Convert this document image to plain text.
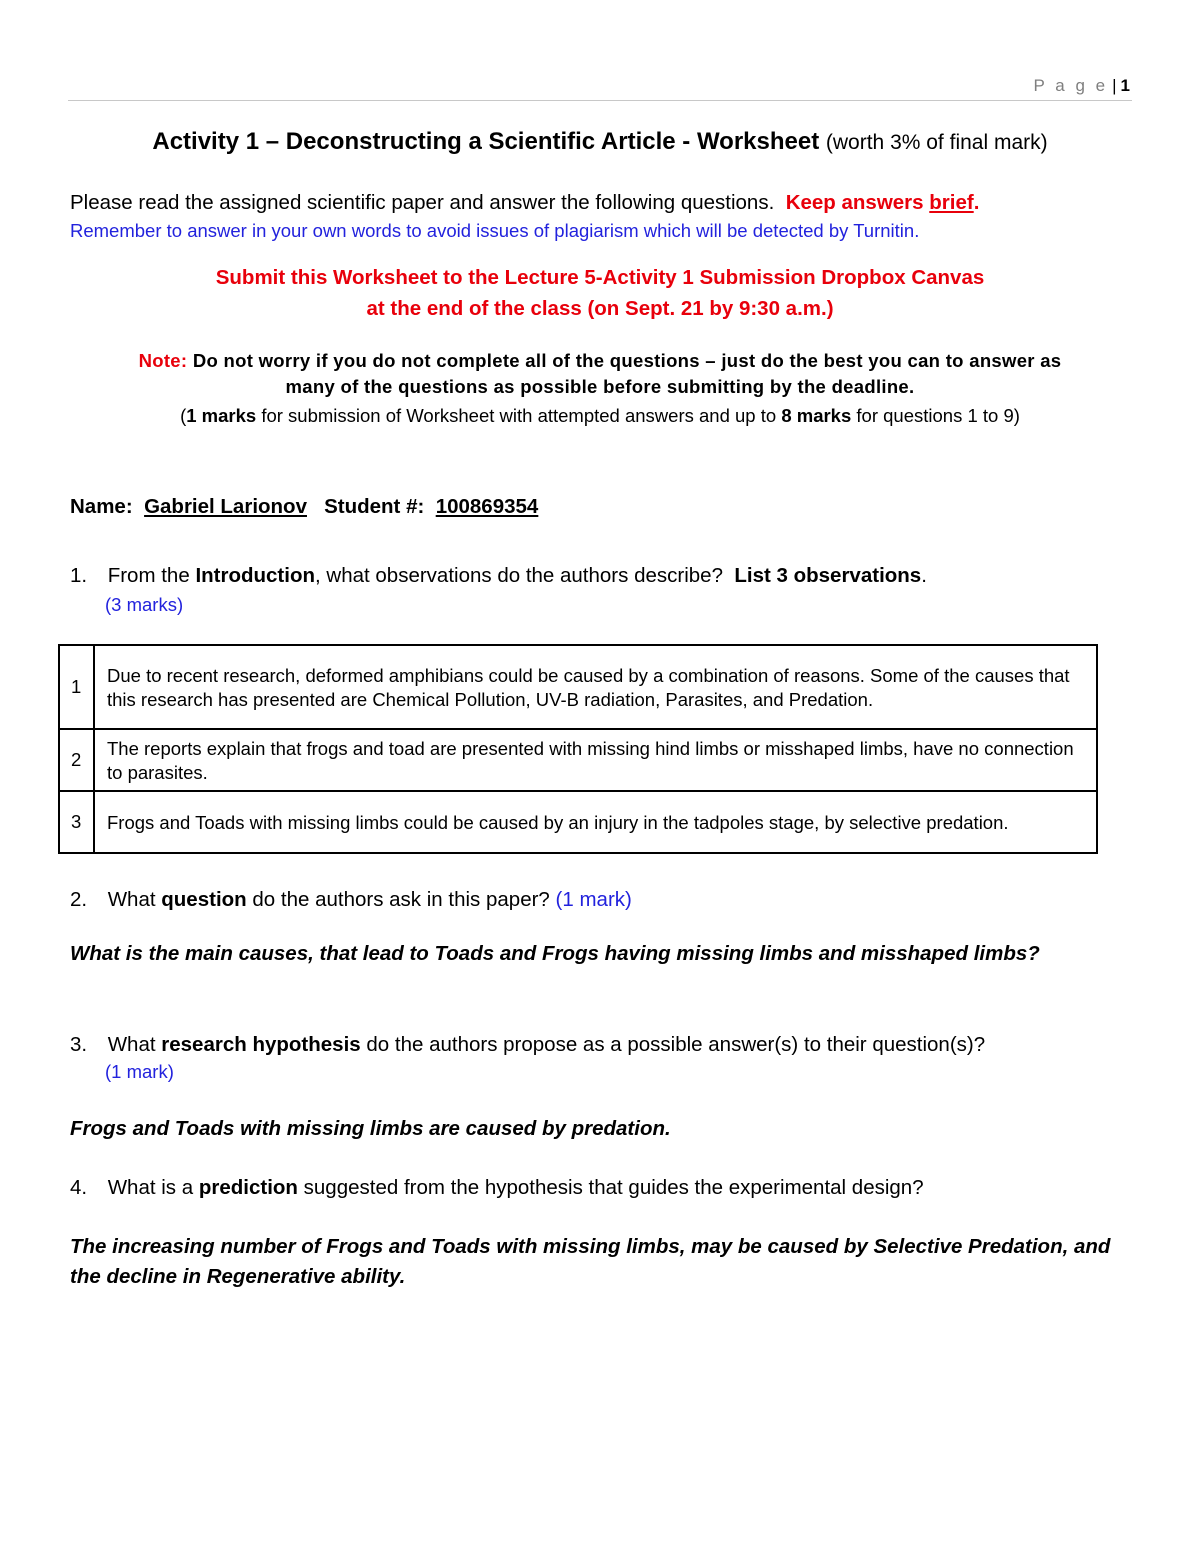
P a g e | 1
Activity 1 – Deconstructing a Scientific Article - Worksheet (worth 3% of final mark)
Please read the assigned scientific paper and answer the following questions. Keep answers brief.
Remember to answer in your own words to avoid issues of plagiarism which will be detected by Turnitin.
Submit this Worksheet to the Lecture 5-Activity 1 Submission Dropbox Canvas
at the end of the class (on Sept. 21 by 9:30 a.m.)
Note: Do not worry if you do not complete all of the questions – just do the best you can to answer as
many of the questions as possible before submitting by the deadline.
(1 marks for submission of Worksheet with attempted answers and up to 8 marks for questions 1 to 9)
Name: Gabriel Larionov Student #: 100869354
1. From the Introduction, what observations do the authors describe? List 3 observations.
(3 marks)
1	Due to recent research, deformed amphibians could be caused by a combination of reasons. Some of the causes that this research has presented are Chemical Pollution, UV-B radiation, Parasites, and Predation.
2	The reports explain that frogs and toad are presented with missing hind limbs or misshaped limbs, have no connection to parasites.
3	Frogs and Toads with missing limbs could be caused by an injury in the tadpoles stage, by selective predation.
2. What question do the authors ask in this paper? (1 mark)
What is the main causes, that lead to Toads and Frogs having missing limbs and misshaped limbs?
3. What research hypothesis do the authors propose as a possible answer(s) to their question(s)?
(1 mark)
Frogs and Toads with missing limbs are caused by predation.
4. What is a prediction suggested from the hypothesis that guides the experimental design?
The increasing number of Frogs and Toads with missing limbs, may be caused by Selective Predation, and the decline in Regenerative ability.
